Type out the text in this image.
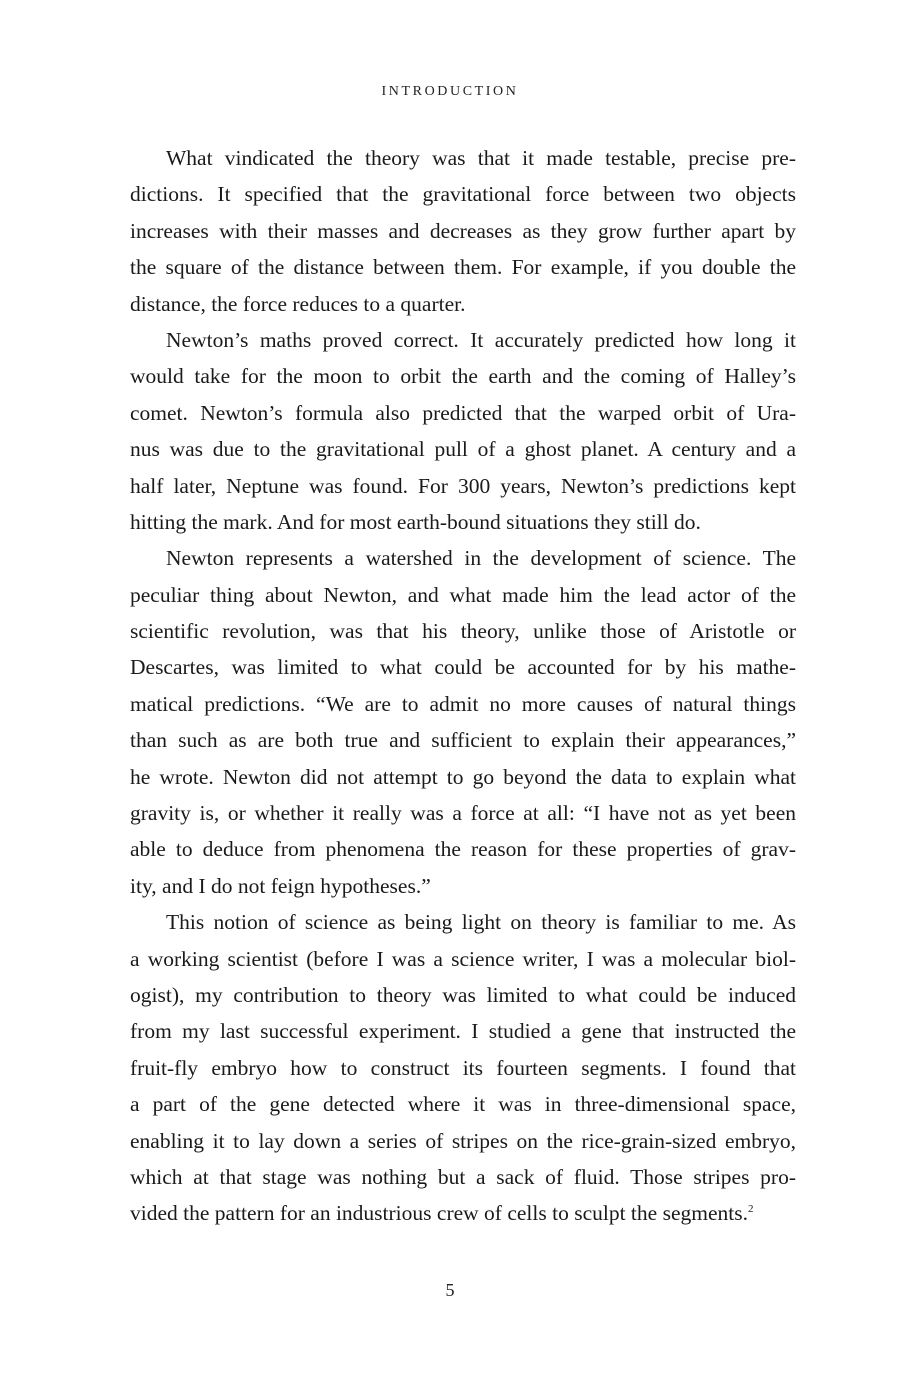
INTRODUCTION
What vindicated the theory was that it made testable, precise pre-
dictions. It specified that the gravitational force between two objects
increases with their masses and decreases as they grow further apart by
the square of the distance between them. For example, if you double the
distance, the force reduces to a quarter.
Newton’s maths proved correct. It accurately predicted how long it
would take for the moon to orbit the earth and the coming of Halley’s
comet. Newton’s formula also predicted that the warped orbit of Ura-
nus was due to the gravitational pull of a ghost planet. A century and a
half later, Neptune was found. For 300 years, Newton’s predictions kept
hitting the mark. And for most earth-bound situations they still do.
Newton represents a watershed in the development of science. The
peculiar thing about Newton, and what made him the lead actor of the
scientific revolution, was that his theory, unlike those of Aristotle or
Descartes, was limited to what could be accounted for by his mathe-
matical predictions. “We are to admit no more causes of natural things
than such as are both true and sufficient to explain their appearances,”
he wrote. Newton did not attempt to go beyond the data to explain what
gravity is, or whether it really was a force at all: “I have not as yet been
able to deduce from phenomena the reason for these properties of grav-
ity, and I do not feign hypotheses.”
This notion of science as being light on theory is familiar to me. As
a working scientist (before I was a science writer, I was a molecular biol-
ogist), my contribution to theory was limited to what could be induced
from my last successful experiment. I studied a gene that instructed the
fruit-fly embryo how to construct its fourteen segments. I found that
a part of the gene detected where it was in three-dimensional space,
enabling it to lay down a series of stripes on the rice-grain-sized embryo,
which at that stage was nothing but a sack of fluid. Those stripes pro-
vided the pattern for an industrious crew of cells to sculpt the segments.$^2$
5
